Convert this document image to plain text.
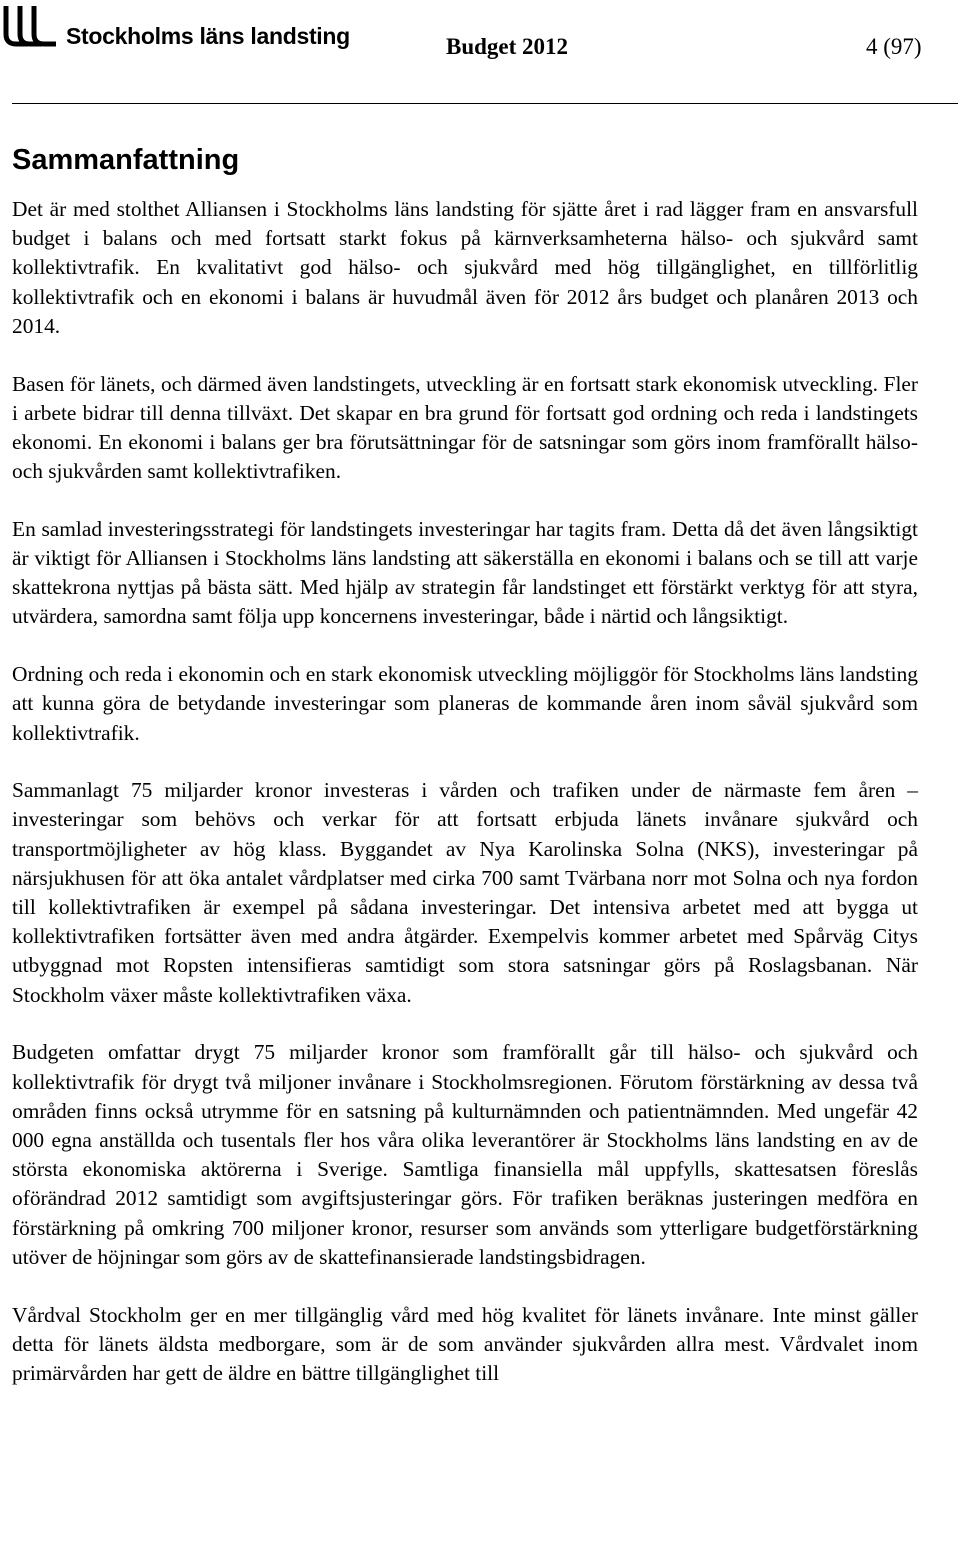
Stockholms läns landsting	Budget 2012	4 (97)
Sammanfattning

Det är med stolthet Alliansen i Stockholms läns landsting för sjätte året i rad lägger fram en ansvarsfull budget i balans och med fortsatt starkt fokus på kärnverksamheterna hälso- och sjukvård samt kollektivtrafik. En kvalitativt god hälso- och sjukvård med hög tillgänglighet, en tillförlitlig kollektivtrafik och en ekonomi i balans är huvudmål även för 2012 års budget och planåren 2013 och 2014.

Basen för länets, och därmed även landstingets, utveckling är en fortsatt stark ekonomisk utveckling. Fler i arbete bidrar till denna tillväxt. Det skapar en bra grund för fortsatt god ordning och reda i landstingets ekonomi. En ekonomi i balans ger bra förutsättningar för de satsningar som görs inom framförallt hälso- och sjukvården samt kollektivtrafiken.

En samlad investeringsstrategi för landstingets investeringar har tagits fram. Detta då det även långsiktigt är viktigt för Alliansen i Stockholms läns landsting att säkerställa en ekonomi i balans och se till att varje skattekrona nyttjas på bästa sätt. Med hjälp av strategin får landstinget ett förstärkt verktyg för att styra, utvärdera, samordna samt följa upp koncernens investeringar, både i närtid och långsiktigt.

Ordning och reda i ekonomin och en stark ekonomisk utveckling möjliggör för Stockholms läns landsting att kunna göra de betydande investeringar som planeras de kommande åren inom såväl sjukvård som kollektivtrafik.

Sammanlagt 75 miljarder kronor investeras i vården och trafiken under de närmaste fem åren – investeringar som behövs och verkar för att fortsatt erbjuda länets invånare sjukvård och transportmöjligheter av hög klass. Byggandet av Nya Karolinska Solna (NKS), investeringar på närsjukhusen för att öka antalet vårdplatser med cirka 700 samt Tvärbana norr mot Solna och nya fordon till kollektivtrafiken är exempel på sådana investeringar. Det intensiva arbetet med att bygga ut kollektivtrafiken fortsätter även med andra åtgärder. Exempelvis kommer arbetet med Spårväg Citys utbyggnad mot Ropsten intensifieras samtidigt som stora satsningar görs på Roslagsbanan. När Stockholm växer måste kollektivtrafiken växa.

Budgeten omfattar drygt 75 miljarder kronor som framförallt går till hälso- och sjukvård och kollektivtrafik för drygt två miljoner invånare i Stockholmsregionen. Förutom förstärkning av dessa två områden finns också utrymme för en satsning på kulturnämnden och patientnämnden. Med ungefär 42 000 egna anställda och tusentals fler hos våra olika leverantörer är Stockholms läns landsting en av de största ekonomiska aktörerna i Sverige. Samtliga finansiella mål uppfylls, skattesatsen föreslås oförändrad 2012 samtidigt som avgiftsjusteringar görs. För trafiken beräknas justeringen medföra en förstärkning på omkring 700 miljoner kronor, resurser som används som ytterligare budgetförstärkning utöver de höjningar som görs av de skattefinansierade landstingsbidragen.

Vårdval Stockholm ger en mer tillgänglig vård med hög kvalitet för länets invånare. Inte minst gäller detta för länets äldsta medborgare, som är de som använder sjukvården allra mest. Vårdvalet inom primärvården har gett de äldre en bättre tillgänglighet till
